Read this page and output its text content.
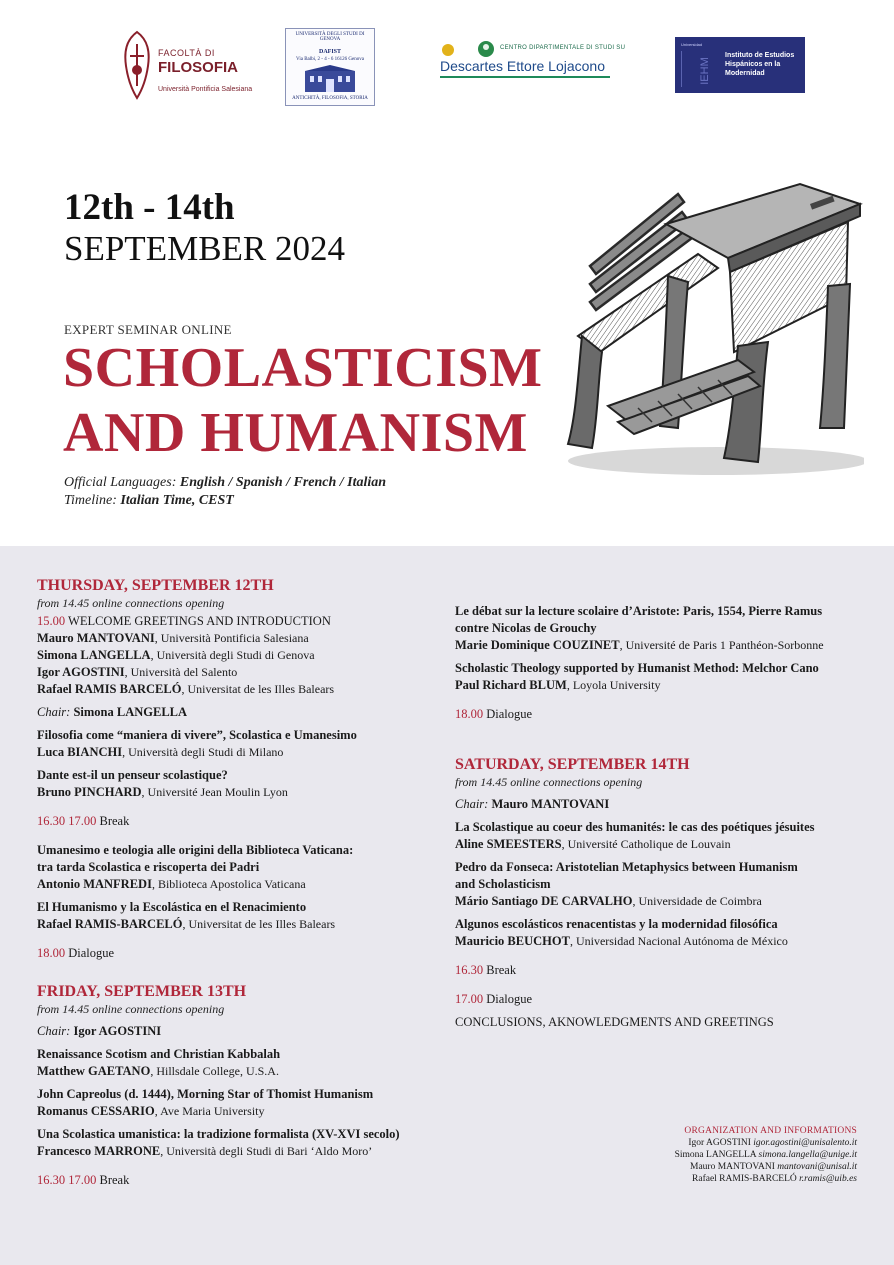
FACOLTÀ DI
FILOSOFIA
Università Pontificia Salesiana
UNIVERSITÀ DEGLI STUDI DI GENOVA
DAFIST
Via Balbi, 2 - 4 - 6 16126 Genova
ANTICHITÀ, FILOSOFIA, STORIA
CENTRO DIPARTIMENTALE DI STUDI SU
Descartes Ettore Lojacono
Universidad
IEHM
Instituto de Estudios Hispánicos en la Modernidad
12th - 14th
SEPTEMBER 2024
EXPERT SEMINAR ONLINE
SCHOLASTICISM
AND HUMANISM
Official Languages: English / Spanish / French / Italian
Timeline: Italian Time, CEST
THURSDAY, SEPTEMBER 12TH
from 14.45 online connections opening
15.00 WELCOME GREETINGS AND INTRODUCTION
Mauro MANTOVANI, Università Pontificia Salesiana
Simona LANGELLA, Università degli Studi di Genova
Igor AGOSTINI, Università del Salento
Rafael RAMIS BARCELÓ, Universitat de les Illes Balears
Chair: Simona LANGELLA
Filosofia come “maniera di vivere”, Scolastica e Umanesimo
Luca BIANCHI, Università degli Studi di Milano
Dante est-il un penseur scolastique?
Bruno PINCHARD, Université Jean Moulin Lyon
16.30 17.00 Break
Umanesimo e teologia alle origini della Biblioteca Vaticana:
tra tarda Scolastica e riscoperta dei Padri
Antonio MANFREDI, Biblioteca Apostolica Vaticana
El Humanismo y la Escolástica en el Renacimiento
Rafael RAMIS-BARCELÓ, Universitat de les Illes Balears
18.00 Dialogue
FRIDAY, SEPTEMBER 13TH
from 14.45 online connections opening
Chair: Igor AGOSTINI
Renaissance Scotism and Christian Kabbalah
Matthew GAETANO, Hillsdale College, U.S.A.
John Capreolus (d. 1444), Morning Star of Thomist Humanism
Romanus CESSARIO, Ave Maria University
Una Scolastica umanistica: la tradizione formalista (XV-XVI secolo)
Francesco MARRONE, Università degli Studi di Bari ‘Aldo Moro’
16.30 17.00 Break
Le débat sur la lecture scolaire d’Aristote: Paris, 1554, Pierre Ramus
contre Nicolas de Grouchy
Marie Dominique COUZINET, Université de Paris 1 Panthéon-Sorbonne
Scholastic Theology supported by Humanist Method: Melchor Cano
Paul Richard BLUM, Loyola University
18.00 Dialogue
SATURDAY, SEPTEMBER 14TH
from 14.45 online connections opening
Chair: Mauro MANTOVANI
La Scolastique au coeur des humanités: le cas des poétiques jésuites
Aline SMEESTERS, Université Catholique de Louvain
Pedro da Fonseca: Aristotelian Metaphysics between Humanism
and Scholasticism
Mário Santiago DE CARVALHO, Universidade de Coimbra
Algunos escolásticos renacentistas y la modernidad filosófica
Mauricio BEUCHOT, Universidad Nacional Autónoma de México
16.30 Break
17.00 Dialogue
CONCLUSIONS, AKNOWLEDGMENTS AND GREETINGS
ORGANIZATION AND INFORMATIONS
Igor AGOSTINI igor.agostini@unisalento.it
Simona LANGELLA simona.langella@unige.it
Mauro MANTOVANI mantovani@unisal.it
Rafael RAMIS-BARCELÓ r.ramis@uib.es
